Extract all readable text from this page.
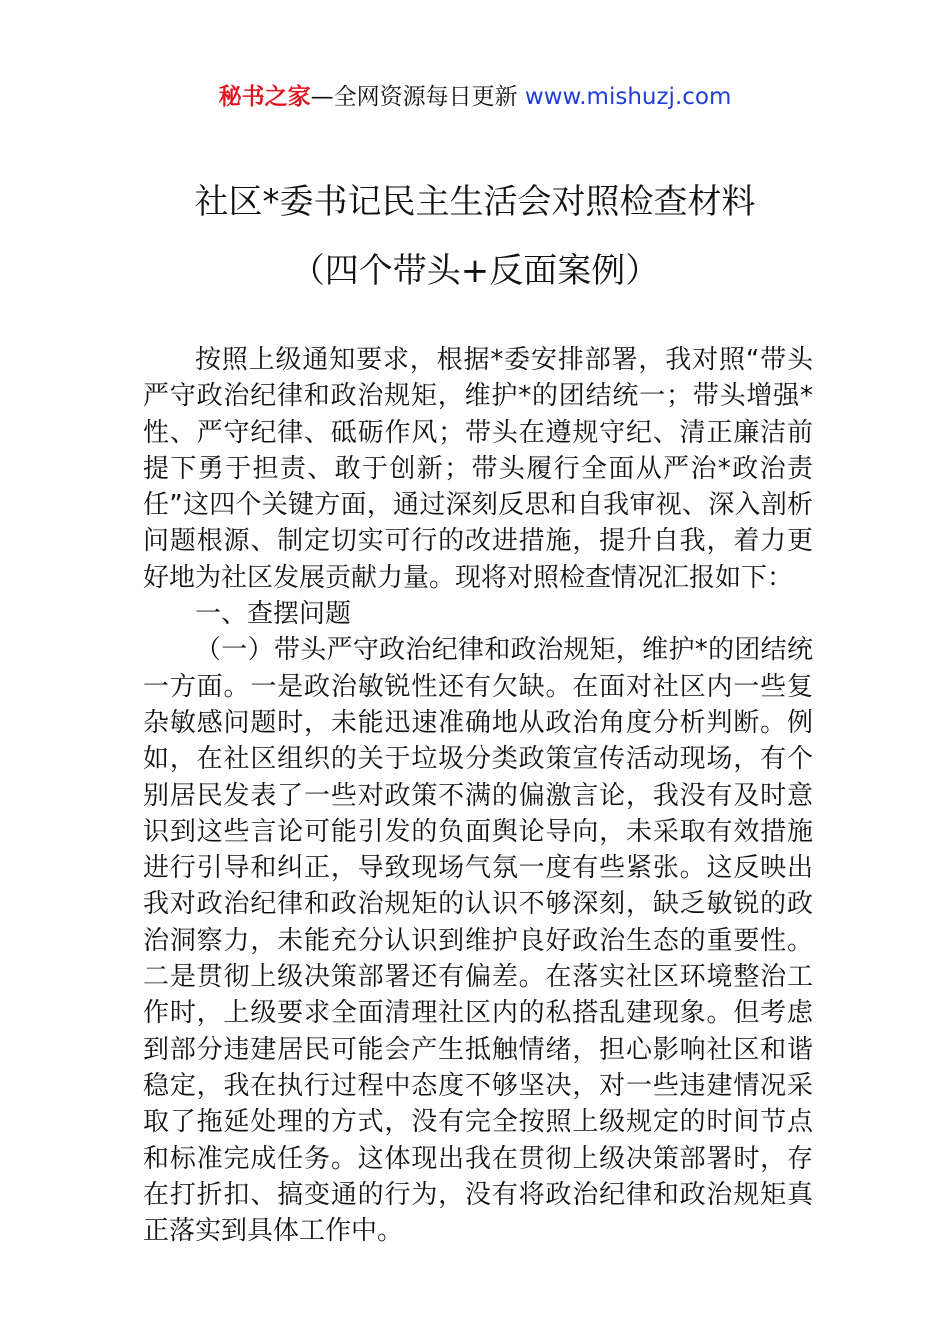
秘书之家—全网资源每日更新 www.mishuzj.com
社区*委书记民主生活会对照检查材料
（四个带头+反面案例）

按照上级通知要求，根据*委安排部署，我对照“带头严守政治纪律和政治规矩，维护*的团结统一；带头增强*性、严守纪律、砥砺作风；带头在遵规守纪、清正廉洁前提下勇于担责、敢于创新；带头履行全面从严治*政治责任”这四个关键方面，通过深刻反思和自我审视、深入剖析问题根源、制定切实可行的改进措施，提升自我，着力更好地为社区发展贡献力量。现将对照检查情况汇报如下：

一、查摆问题

（一）带头严守政治纪律和政治规矩，维护*的团结统一方面。一是政治敏锐性还有欠缺。在面对社区内一些复杂敏感问题时，未能迅速准确地从政治角度分析判断。例如，在社区组织的关于垃圾分类政策宣传活动现场，有个别居民发表了一些对政策不满的偏激言论，我没有及时意识到这些言论可能引发的负面舆论导向，未采取有效措施进行引导和纠正，导致现场气氛一度有些紧张。这反映出我对政治纪律和政治规矩的认识不够深刻，缺乏敏锐的政治洞察力，未能充分认识到维护良好政治生态的重要性。二是贯彻上级决策部署还有偏差。在落实社区环境整治工作时，上级要求全面清理社区内的私搭乱建现象。但考虑到部分违建居民可能会产生抵触情绪，担心影响社区和谐稳定，我在执行过程中态度不够坚决，对一些违建情况采取了拖延处理的方式，没有完全按照上级规定的时间节点和标准完成任务。这体现出我在贯彻上级决策部署时，存在打折扣、搞变通的行为，没有将政治纪律和政治规矩真正落实到具体工作中。
